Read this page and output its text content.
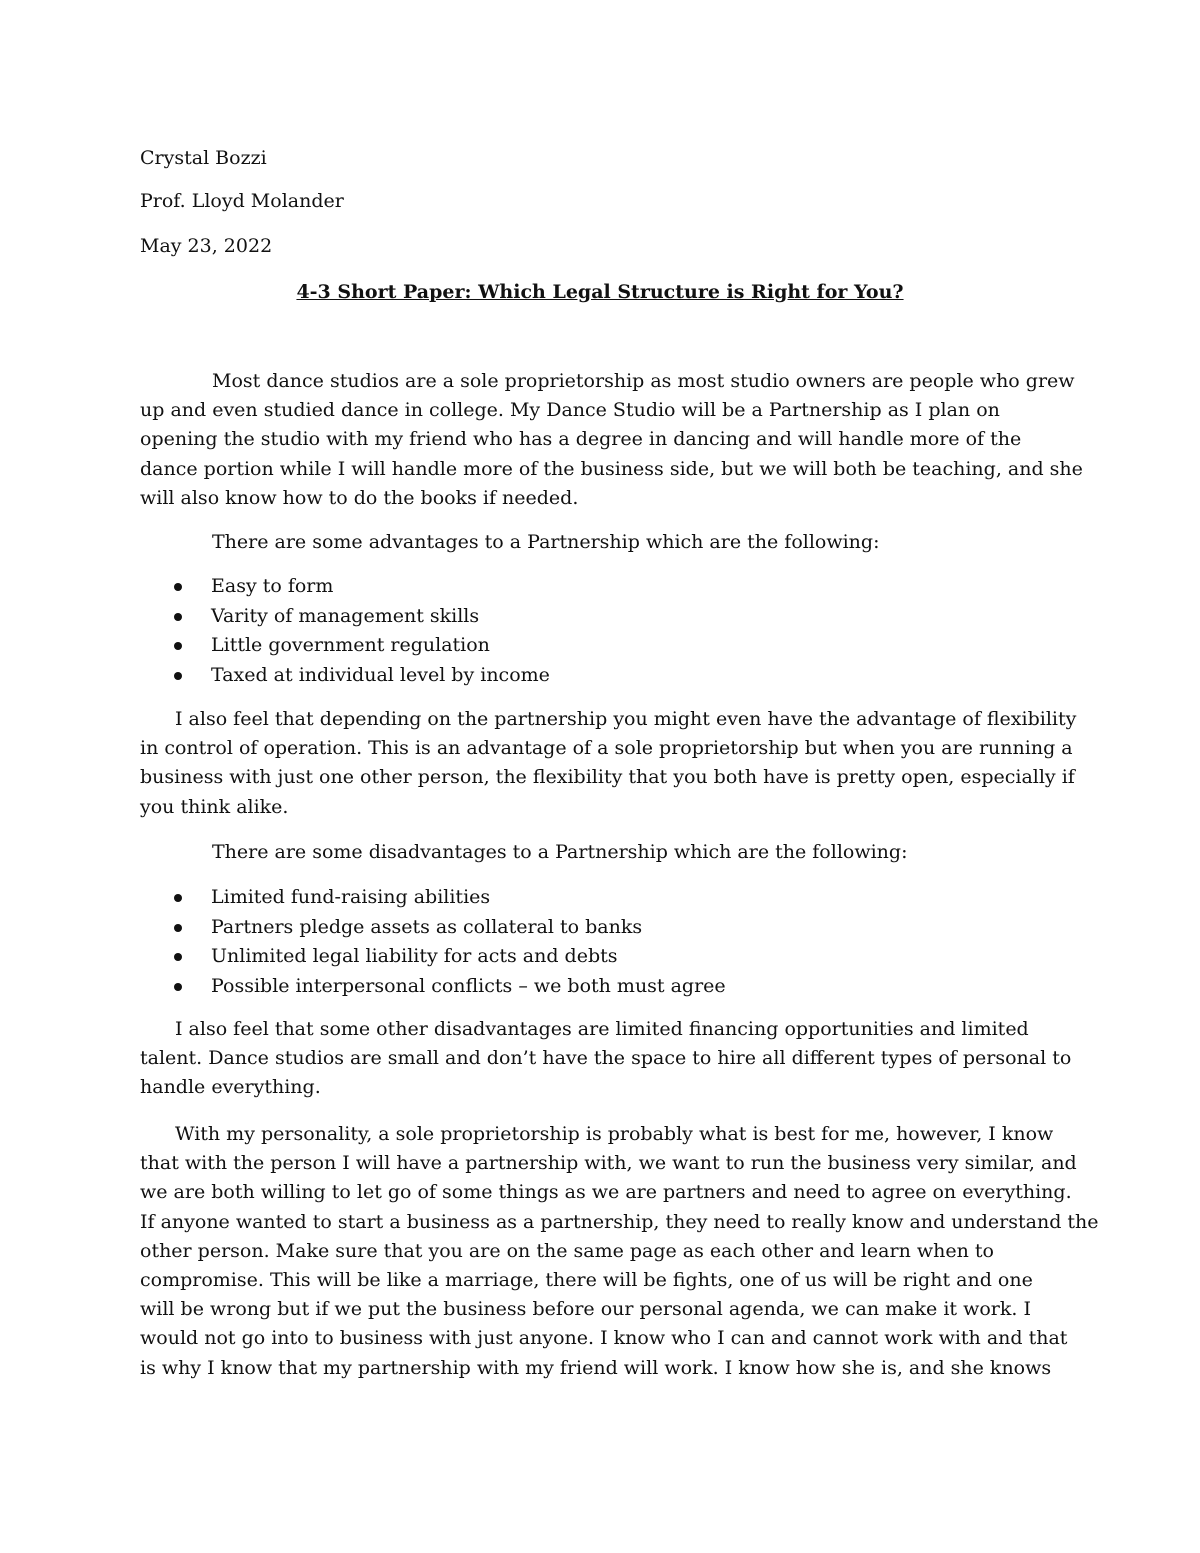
Crystal Bozzi
Prof. Lloyd Molander
May 23, 2022
4-3 Short Paper: Which Legal Structure is Right for You?

Most dance studios are a sole proprietorship as most studio owners are people who grew
up and even studied dance in college. My Dance Studio will be a Partnership as I plan on
opening the studio with my friend who has a degree in dancing and will handle more of the
dance portion while I will handle more of the business side, but we will both be teaching, and she
will also know how to do the books if needed.

There are some advantages to a Partnership which are the following:

Easy to form
Varity of management skills
Little government regulation
Taxed at individual level by income

I also feel that depending on the partnership you might even have the advantage of flexibility
in control of operation. This is an advantage of a sole proprietorship but when you are running a
business with just one other person, the flexibility that you both have is pretty open, especially if
you think alike.

There are some disadvantages to a Partnership which are the following:

Limited fund-raising abilities
Partners pledge assets as collateral to banks
Unlimited legal liability for acts and debts
Possible interpersonal conflicts – we both must agree

I also feel that some other disadvantages are limited financing opportunities and limited
talent. Dance studios are small and don’t have the space to hire all different types of personal to
handle everything.

With my personality, a sole proprietorship is probably what is best for me, however, I know
that with the person I will have a partnership with, we want to run the business very similar, and
we are both willing to let go of some things as we are partners and need to agree on everything.
If anyone wanted to start a business as a partnership, they need to really know and understand the
other person. Make sure that you are on the same page as each other and learn when to
compromise. This will be like a marriage, there will be fights, one of us will be right and one
will be wrong but if we put the business before our personal agenda, we can make it work. I
would not go into to business with just anyone. I know who I can and cannot work with and that
is why I know that my partnership with my friend will work. I know how she is, and she knows
